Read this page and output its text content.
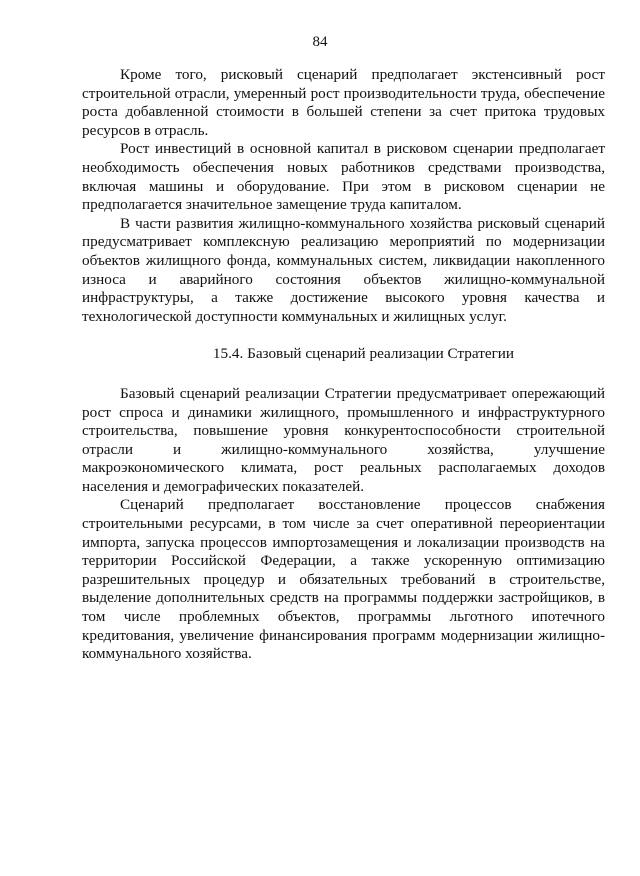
84

Кроме того, рисковый сценарий предполагает экстенсивный рост строительной отрасли, умеренный рост производительности труда, обеспечение роста добавленной стоимости в большей степени за счет притока трудовых ресурсов в отрасль.

Рост инвестиций в основной капитал в рисковом сценарии предполагает необходимость обеспечения новых работников средствами производства, включая машины и оборудование. При этом в рисковом сценарии не предполагается значительное замещение труда капиталом.

В части развития жилищно-коммунального хозяйства рисковый сценарий предусматривает комплексную реализацию мероприятий по модернизации объектов жилищного фонда, коммунальных систем, ликвидации накопленного износа и аварийного состояния объектов жилищно-коммунальной инфраструктуры, а также достижение высокого уровня качества и технологической доступности коммунальных и жилищных услуг.

15.4. Базовый сценарий реализации Стратегии

Базовый сценарий реализации Стратегии предусматривает опережающий рост спроса и динамики жилищного, промышленного и инфраструктурного строительства, повышение уровня конкурентоспособности строительной отрасли и жилищно-коммунального хозяйства, улучшение макроэкономического климата, рост реальных располагаемых доходов населения и демографических показателей.

Сценарий предполагает восстановление процессов снабжения строительными ресурсами, в том числе за счет оперативной переориентации импорта, запуска процессов импортозамещения и локализации производств на территории Российской Федерации, а также ускоренную оптимизацию разрешительных процедур и обязательных требований в строительстве, выделение дополнительных средств на программы поддержки застройщиков, в том числе проблемных объектов, программы льготного ипотечного кредитования, увеличение финансирования программ модернизации жилищно-коммунального хозяйства.
